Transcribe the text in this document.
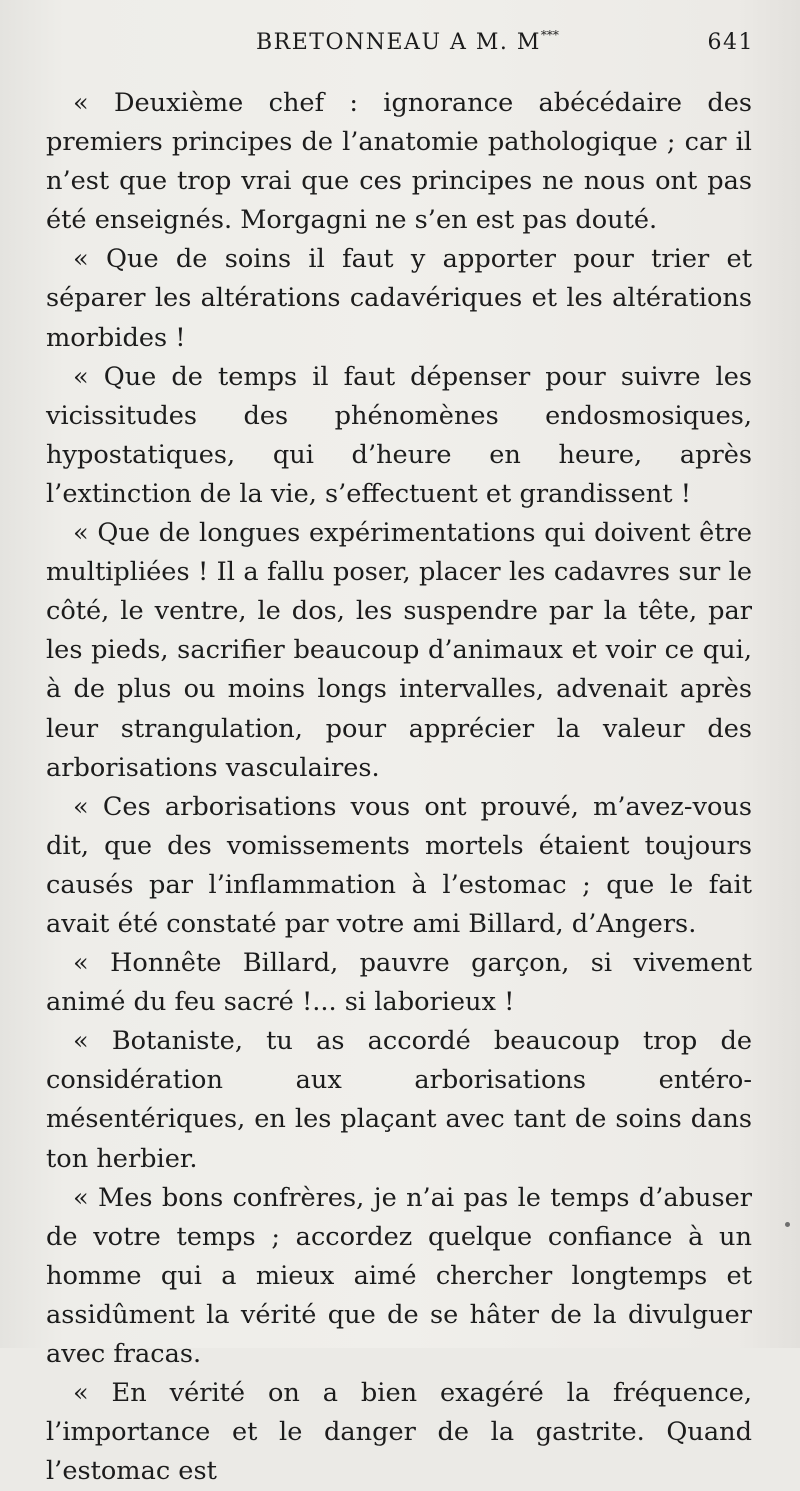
BRETONNEAU A M. M***	641

« Deuxième chef : ignorance abécédaire des premiers principes de l’anatomie pathologique ; car il n’est que trop vrai que ces principes ne nous ont pas été enseignés. Morgagni ne s’en est pas douté.

« Que de soins il faut y apporter pour trier et séparer les altérations cadavériques et les altérations morbides !

« Que de temps il faut dépenser pour suivre les vicissitudes des phénomènes endosmosiques, hypostatiques, qui d’heure en heure, après l’extinction de la vie, s’effectuent et grandissent !

« Que de longues expérimentations qui doivent être multipliées ! Il a fallu poser, placer les cadavres sur le côté, le ventre, le dos, les suspendre par la tête, par les pieds, sacrifier beaucoup d’animaux et voir ce qui, à de plus ou moins longs intervalles, advenait après leur strangulation, pour apprécier la valeur des arborisations vasculaires.

« Ces arborisations vous ont prouvé, m’avez-vous dit, que des vomissements mortels étaient toujours causés par l’inflammation à l’estomac ; que le fait avait été constaté par votre ami Billard, d’Angers.

« Honnête Billard, pauvre garçon, si vivement animé du feu sacré !... si laborieux !

« Botaniste, tu as accordé beaucoup trop de considération aux arborisations entéro-mésentériques, en les plaçant avec tant de soins dans ton herbier.

« Mes bons confrères, je n’ai pas le temps d’abuser de votre temps ; accordez quelque confiance à un homme qui a mieux aimé chercher longtemps et assidûment la vérité que de se hâter de la divulguer avec fracas.

« En vérité on a bien exagéré la fréquence, l’importance et le danger de la gastrite. Quand l’estomac est
